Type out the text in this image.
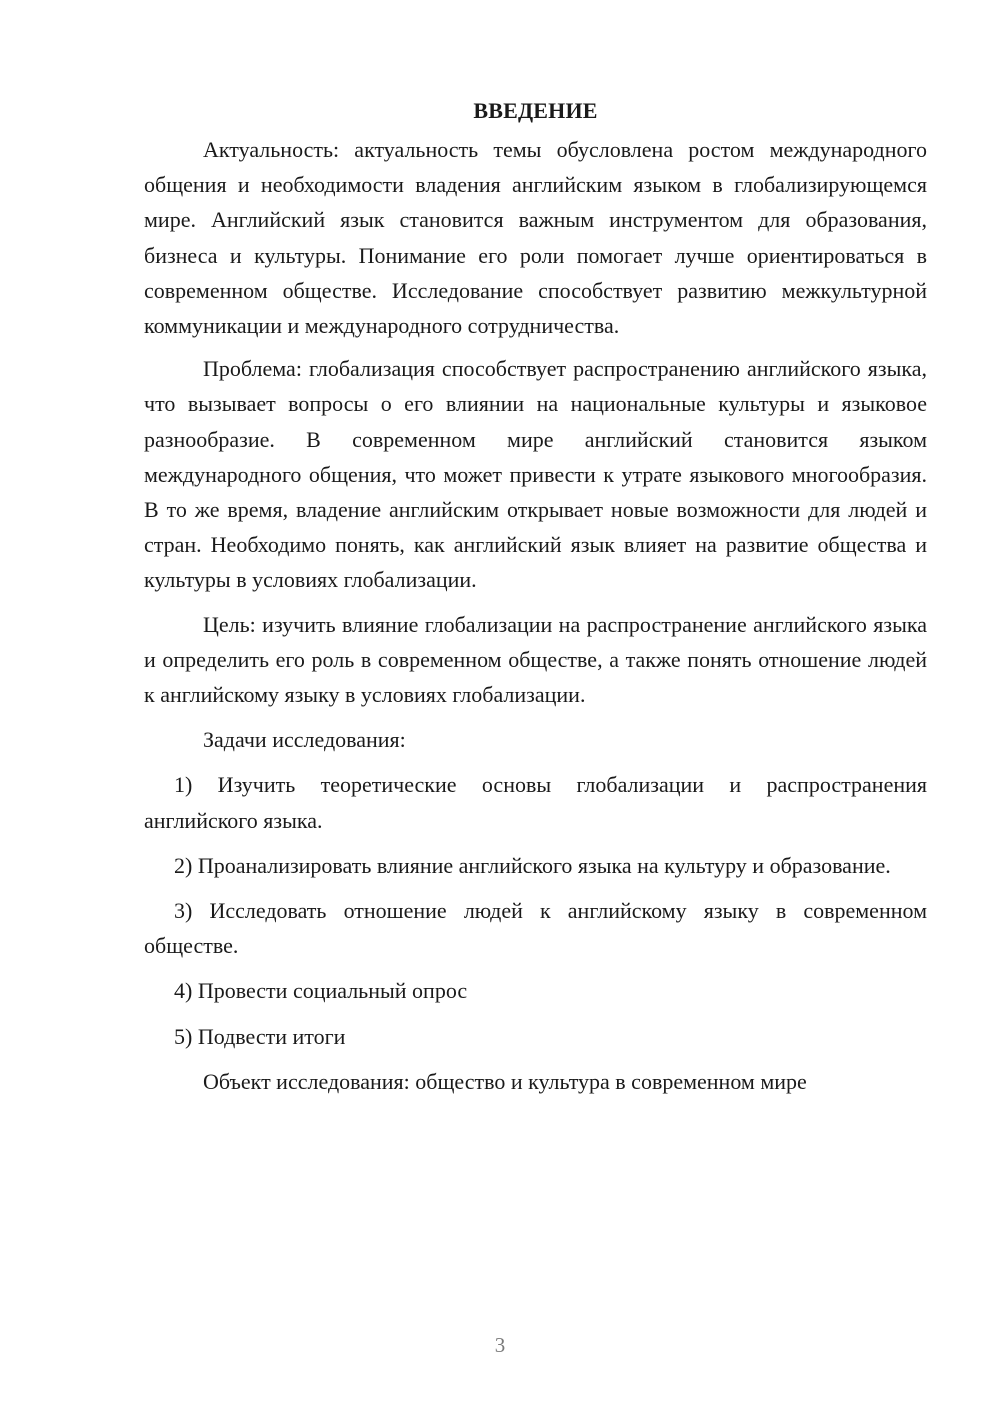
ВВЕДЕНИЕ

Актуальность: актуальность темы обусловлена ростом международного общения и необходимости владения английским языком в глобализирующемся мире. Английский язык становится важным инструментом для образования, бизнеса и культуры. Понимание его роли помогает лучше ориентироваться в современном обществе. Исследование способствует развитию межкультурной коммуникации и международного сотрудничества.

Проблема: глобализация способствует распространению английского языка, что вызывает вопросы о его влиянии на национальные культуры и языковое разнообразие. В современном мире английский становится языком международного общения, что может привести к утрате языкового многообразия. В то же время, владение английским открывает новые возможности для людей и стран. Необходимо понять, как английский язык влияет на развитие общества и культуры в условиях глобализации.

Цель: изучить влияние глобализации на распространение английского языка и определить его роль в современном обществе, а также понять отношение людей к английскому языку в условиях глобализации.

Задачи исследования:

1) Изучить теоретические основы глобализации и распространения английского языка.

2) Проанализировать влияние английского языка на культуру и образование.

3) Исследовать отношение людей к английскому языку в современном обществе.

4) Провести социальный опрос

5) Подвести итоги

Объект исследования: общество и культура в современном мире

3
